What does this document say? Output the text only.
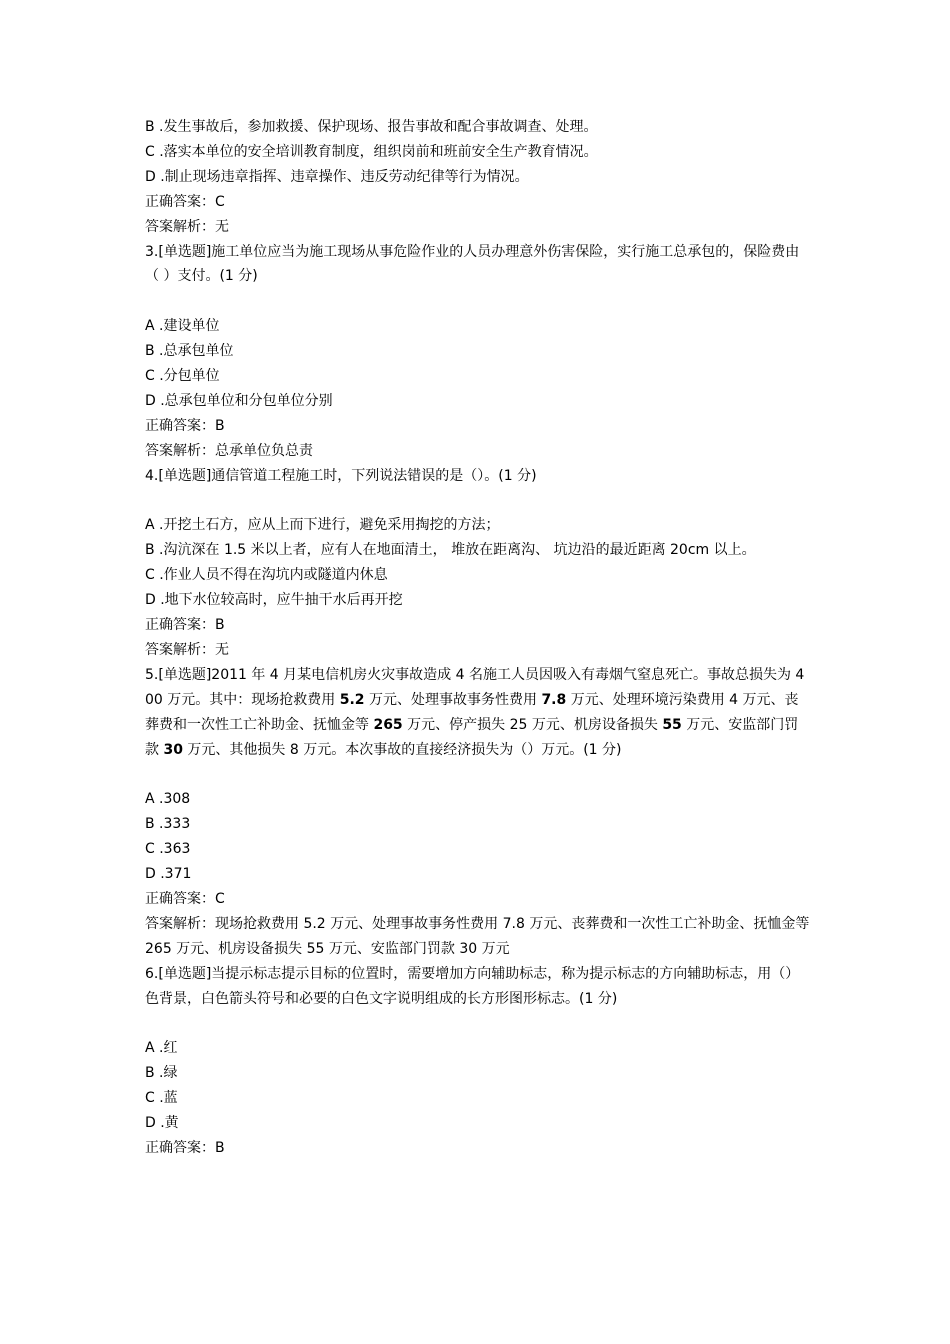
B .发生事故后，参加救援、保护现场、报告事故和配合事故调查、处理。
C .落实本单位的安全培训教育制度，组织岗前和班前安全生产教育情况。
D .制止现场违章指挥、违章操作、违反劳动纪律等行为情况。
正确答案：C
答案解析：无
3.[单选题]施工单位应当为施工现场从事危险作业的人员办理意外伤害保险，实行施工总承包的，保险费由（ ）支付。(1 分)
A .建设单位
B .总承包单位
C .分包单位
D .总承包单位和分包单位分别
正确答案：B
答案解析：总承单位负总责
4.[单选题]通信管道工程施工时，下列说法错误的是（）。(1 分)
A .开挖土石方，应从上而下进行，避免采用掏挖的方法；
B .沟沆深在 1.5 米以上者，应有人在地面清土， 堆放在距离沟、 坑边沿的最近距离 20cm 以上。
C .作业人员不得在沟坑内或隧道内休息
D .地下水位较高时，应牛抽干水后再开挖
正确答案：B
答案解析：无
5.[单选题]2011 年 4 月某电信机房火灾事故造成 4 名施工人员因吸入有毒烟气窒息死亡。事故总损失为 400 万元。其中：现场抢救费用 5.2 万元、处理事故事务性费用 7.8 万元、处理环境污染费用 4 万元、丧葬费和一次性工亡补助金、抚恤金等 265 万元、停产损失 25 万元、机房设备损失 55 万元、安监部门罚款 30 万元、其他损失 8 万元。本次事故的直接经济损失为（）万元。(1 分)
A .308
B .333
C .363
D .371
正确答案：C
答案解析：现场抢救费用 5.2 万元、处理事故事务性费用 7.8 万元、丧葬费和一次性工亡补助金、抚恤金等 265 万元、机房设备损失 55 万元、安监部门罚款 30 万元
6.[单选题]当提示标志提示目标的位置时，需要增加方向辅助标志，称为提示标志的方向辅助标志，用（）色背景，白色箭头符号和必要的白色文字说明组成的长方形图形标志。(1 分)
A .红
B .绿
C .蓝
D .黄
正确答案：B
